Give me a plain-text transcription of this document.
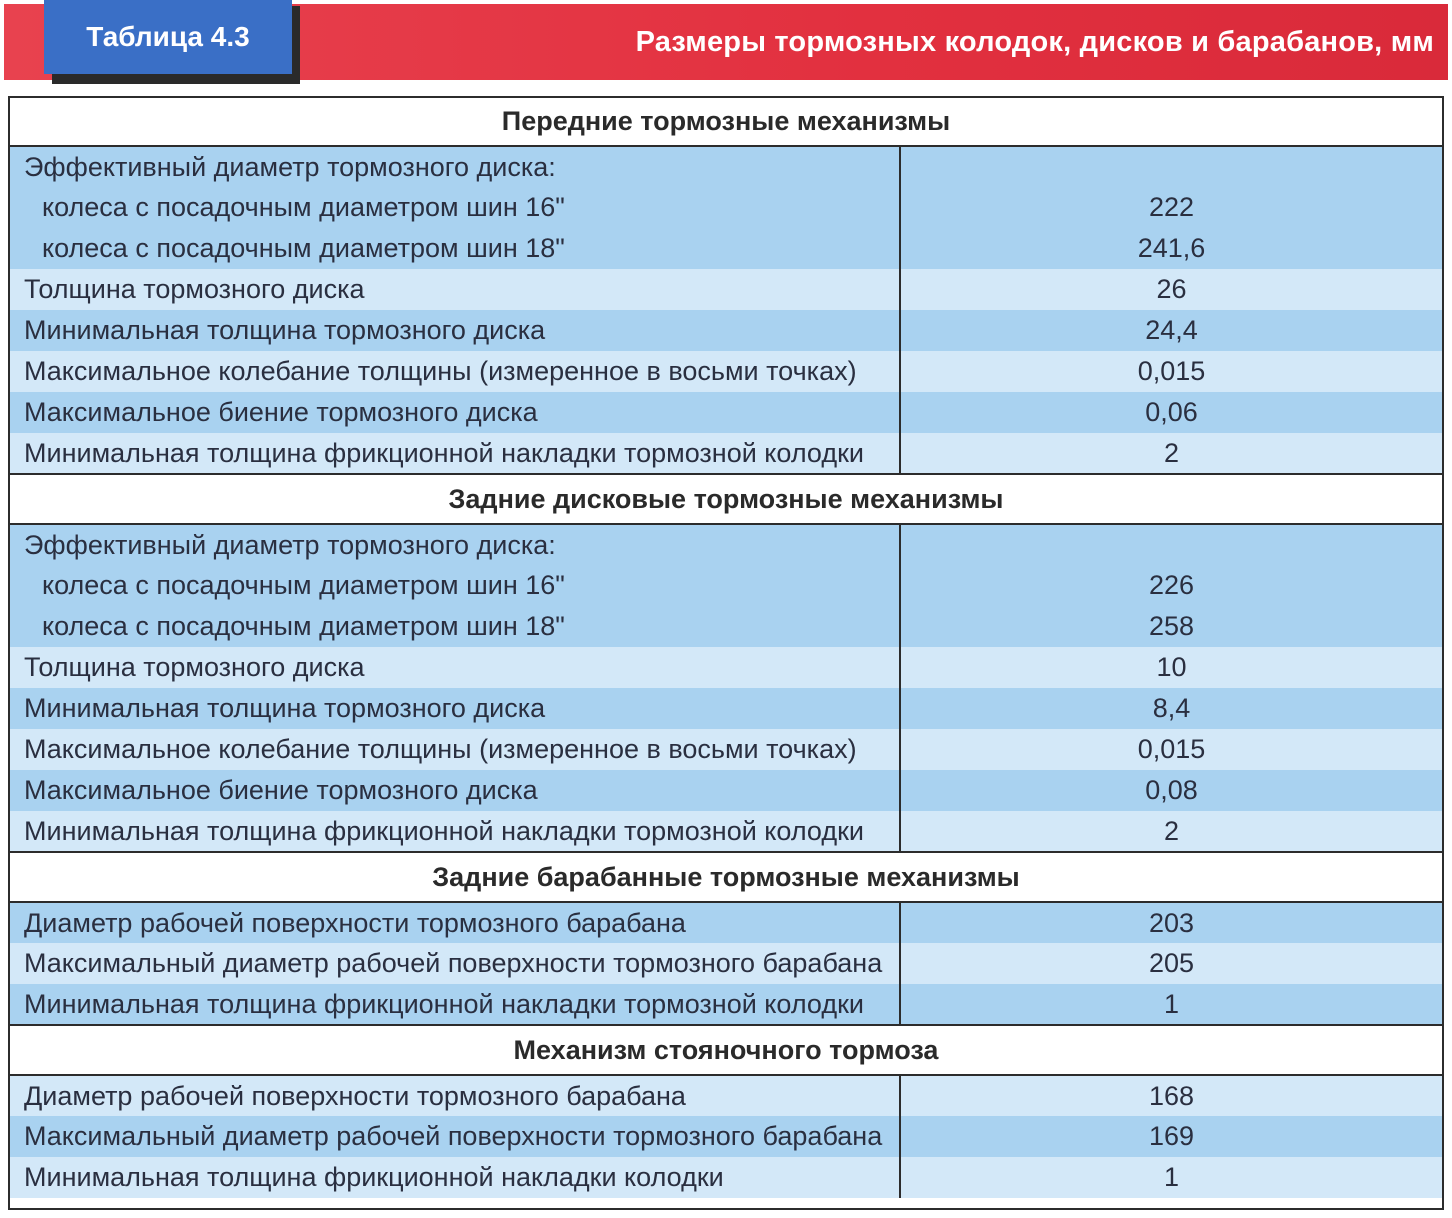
Размеры тормозных колодок, дисков и барабанов, мм
Таблица 4.3
Передние тормозные механизмы	
Эффективный диаметр тормозного диска:	
колеса с посадочным диаметром шин 16"	222
колеса с посадочным диаметром шин 18"	241,6
Толщина тормозного диска	26
Минимальная толщина тормозного диска	24,4
Максимальное колебание толщины (измеренное в восьми точках)	0,015
Максимальное биение тормозного диска	0,06
Минимальная толщина фрикционной накладки тормозной колодки	2
Задние дисковые тормозные механизмы	
Эффективный диаметр тормозного диска:	
колеса с посадочным диаметром шин 16"	226
колеса с посадочным диаметром шин 18"	258
Толщина тормозного диска	10
Минимальная толщина тормозного диска	8,4
Максимальное колебание толщины (измеренное в восьми точках)	0,015
Максимальное биение тормозного диска	0,08
Минимальная толщина фрикционной накладки тормозной колодки	2
Задние барабанные тормозные механизмы	
Диаметр рабочей поверхности тормозного барабана	203
Максимальный диаметр рабочей поверхности тормозного барабана	205
Минимальная толщина фрикционной накладки тормозной колодки	1
Механизм стояночного тормоза	
Диаметр рабочей поверхности тормозного барабана	168
Максимальный диаметр рабочей поверхности тормозного барабана	169
Минимальная толщина фрикционной накладки колодки	1
